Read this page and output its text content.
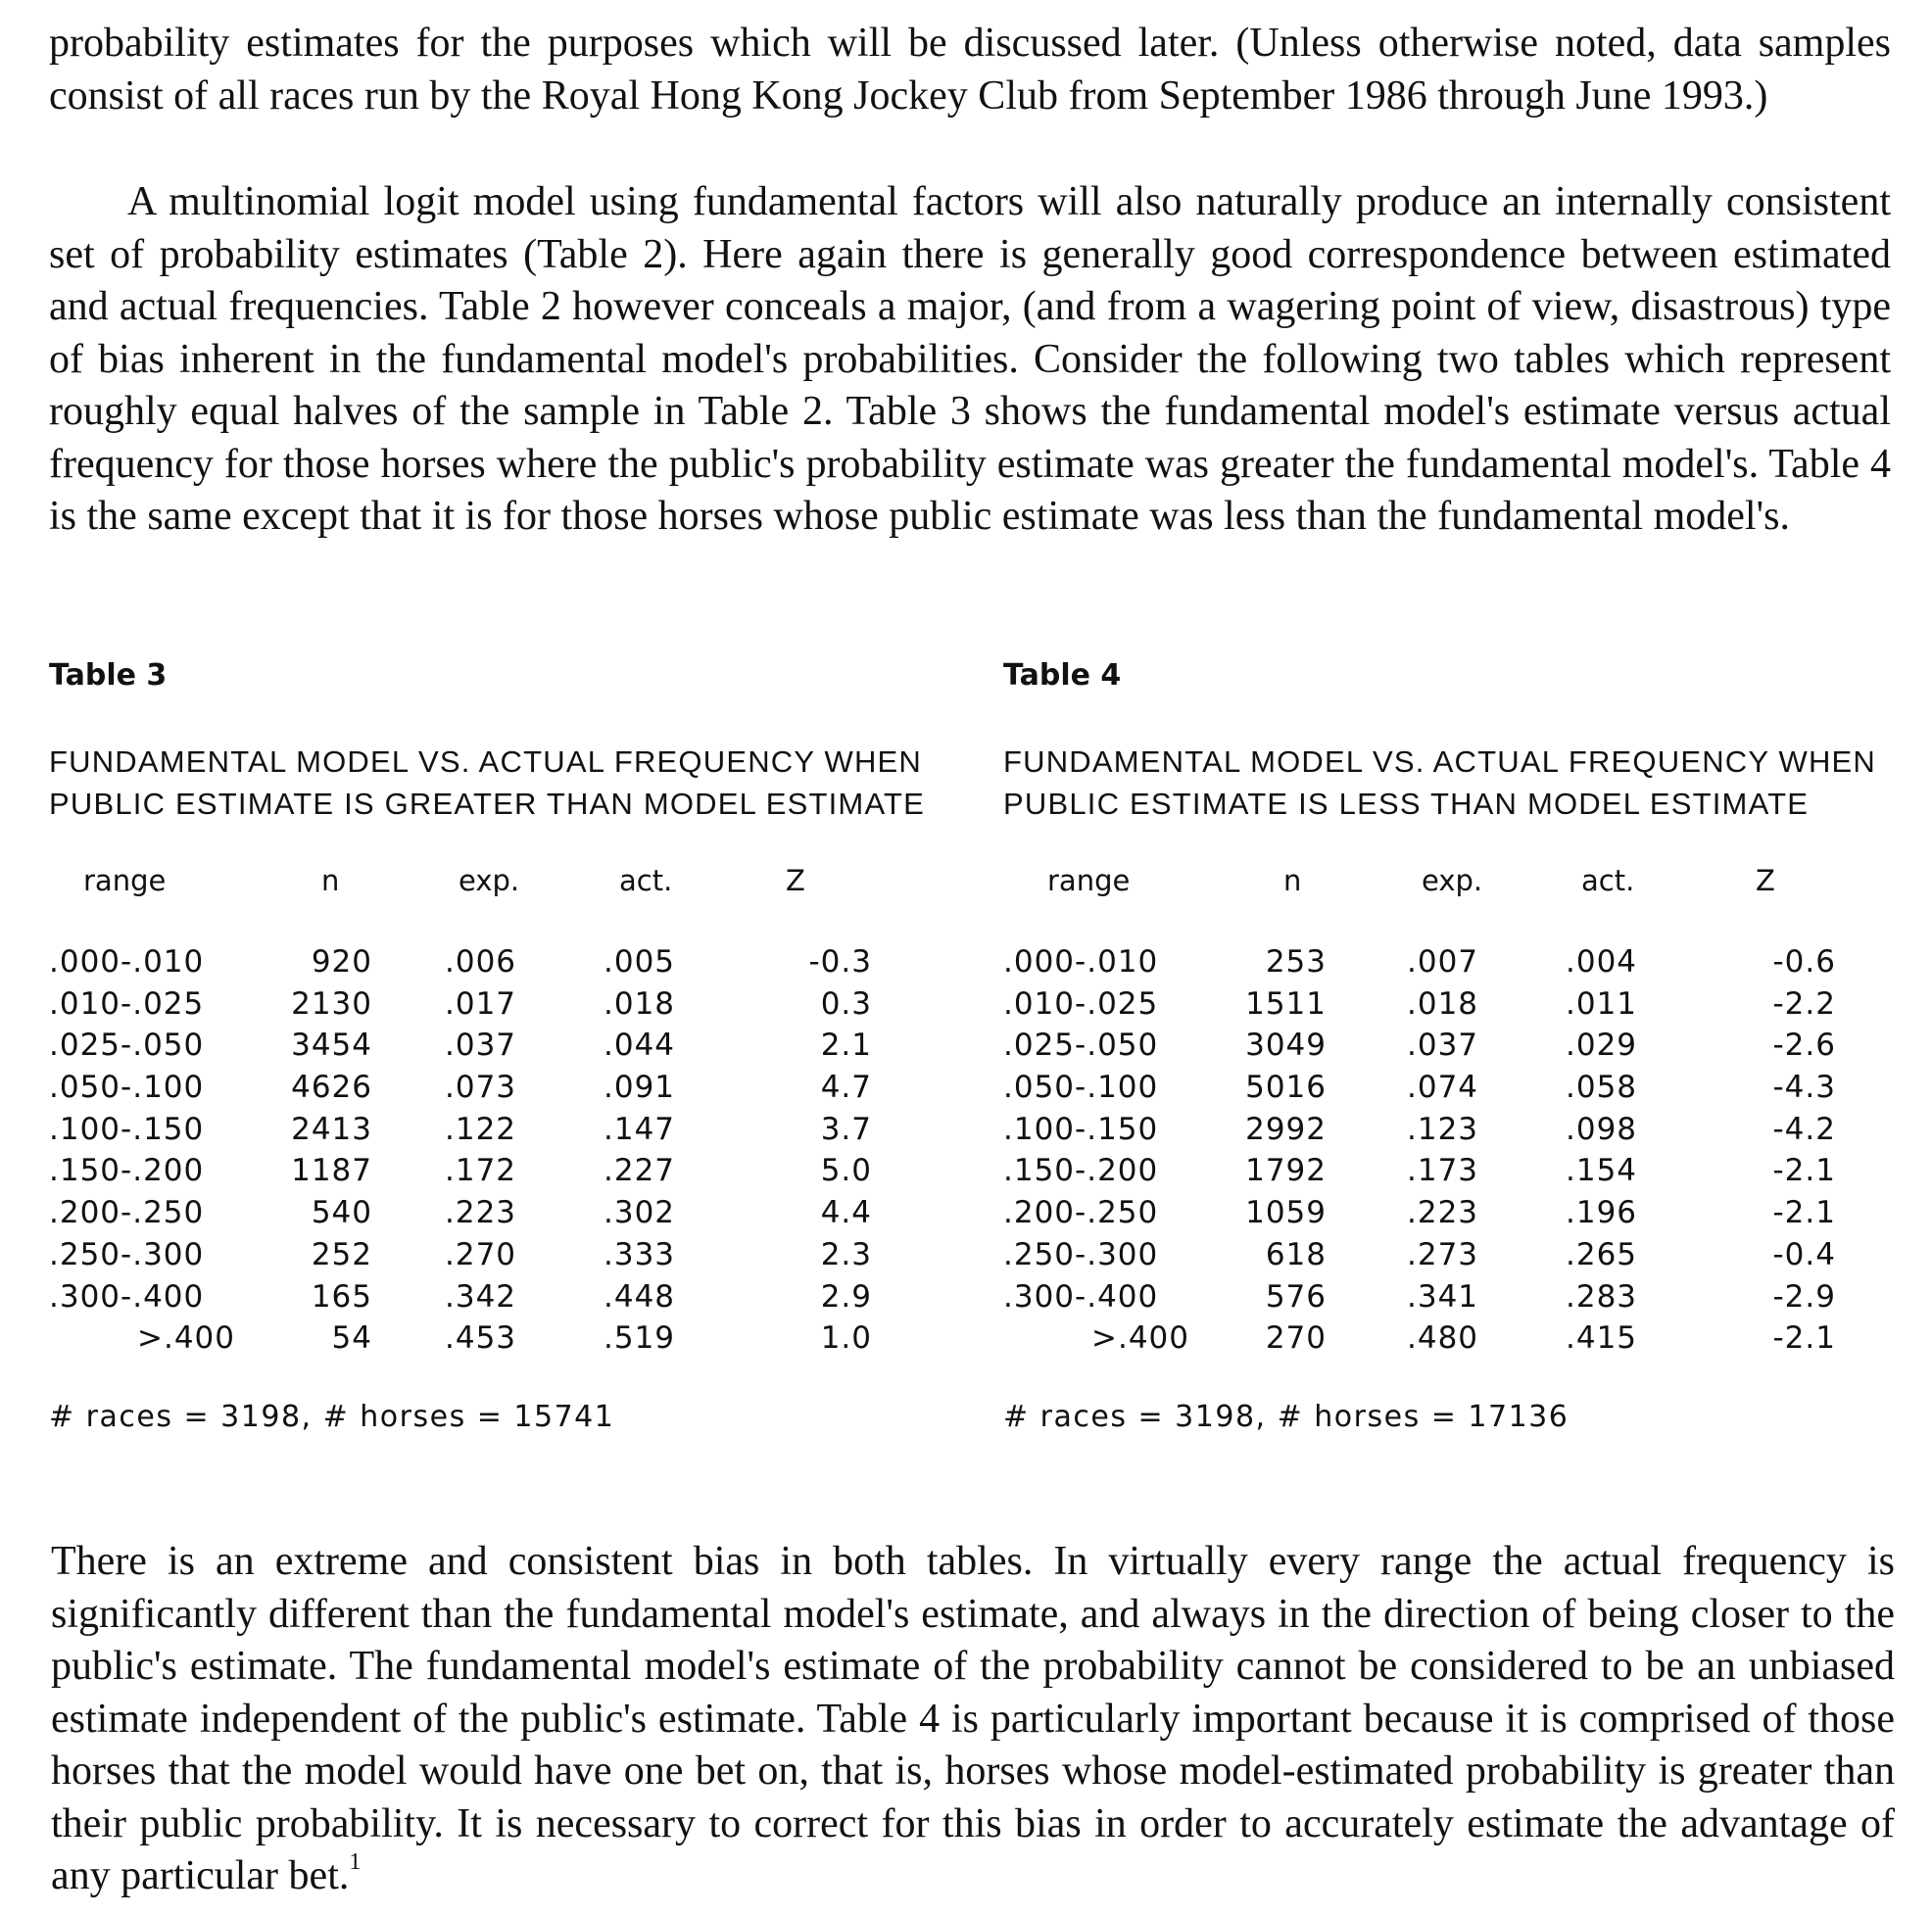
probability estimates for the purposes which will be discussed later. (Unless otherwise noted, data samples consist of all races run by the Royal Hong Kong Jockey Club from September 1986 through June 1993.)

A multinomial logit model using fundamental factors will also naturally produce an internally consistent set of probability estimates (Table 2). Here again there is generally good correspondence between estimated and actual frequencies. Table 2 however conceals a major, (and from a wagering point of view, disastrous) type of bias inherent in the fundamental model's probabilities. Consider the following two tables which represent roughly equal halves of the sample in Table 2. Table 3 shows the fundamental model's estimate versus actual frequency for those horses where the public's probability estimate was greater the fundamental model's. Table 4 is the same except that it is for those horses whose public estimate was less than the fundamental model's.

Table 3
FUNDAMENTAL MODEL VS. ACTUAL FREQUENCY WHEN PUBLIC ESTIMATE IS GREATER THAN MODEL ESTIMATE
range	n	exp.	act.	Z
.000-.010	920 .006	.005	-0.3
.010-.025	2130 .017	.018	0.3
.025-.050	3454 .037	.044	2.1
.050-.100	4626 .073	.091	4.7
.100-.150	2413 .122	.147	3.7
.150-.200	1187 .172	.227	5.0
.200-.250	540 .223	.302	4.4
.250-.300	252 .270	.333	2.3
.300-.400	165 .342	.448	2.9
>.400	54 .453	.519	1.0
# races = 3198, # horses = 15741
Table 4
FUNDAMENTAL MODEL VS. ACTUAL FREQUENCY WHEN PUBLIC ESTIMATE IS LESS THAN MODEL ESTIMATE
range	n	exp.	act.	Z
.000-.010	253	.007	.004	-0.6
.010-.025	1511	.018	.011	-2.2
.025-.050	3049	.037	.029	-2.6
.050-.100	5016	.074	.058	-4.3
.100-.150	2992	.123	.098	-4.2
.150-.200	1792	.173	.154	-2.1
.200-.250	1059	.223	.196	-2.1
.250-.300	618	.273	.265	-0.4
.300-.400	576	.341	.283	-2.9
>.400	270	.480	.415	-2.1
# races = 3198, # horses = 17136

There is an extreme and consistent bias in both tables. In virtually every range the actual frequency is significantly different than the fundamental model's estimate, and always in the direction of being closer to the public's estimate. The fundamental model's estimate of the probability cannot be considered to be an unbiased estimate independent of the public's estimate. Table 4 is particularly important because it is comprised of those horses that the model would have one bet on, that is, horses whose model-estimated probability is greater than their public probability. It is necessary to correct for this bias in order to accurately estimate the advantage of any particular bet.$^1$
